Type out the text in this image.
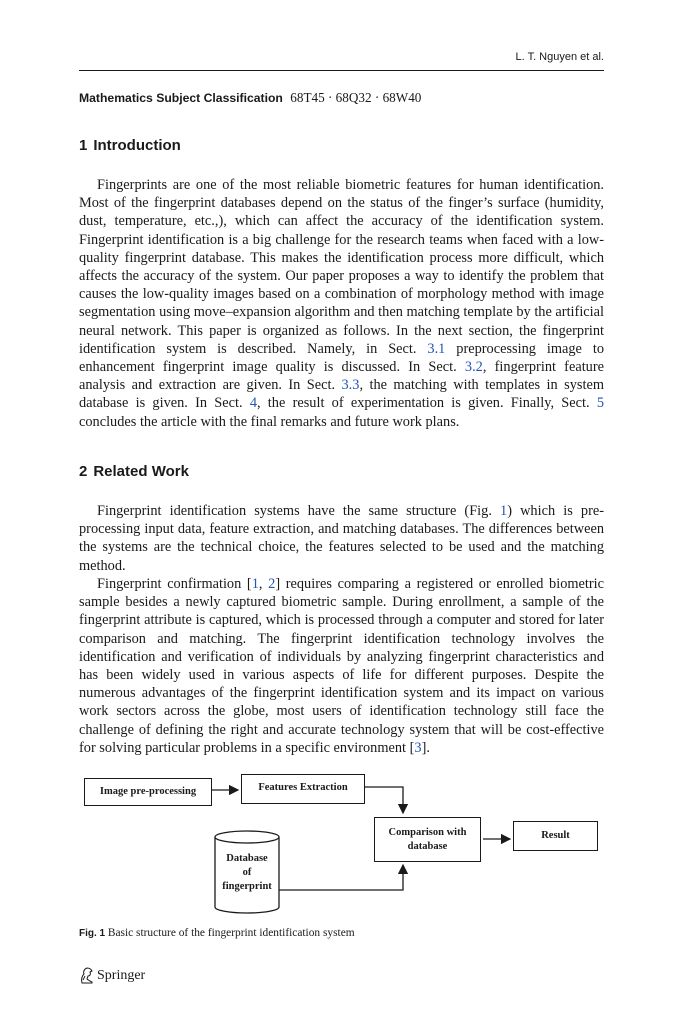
L. T. Nguyen et al.
Mathematics Subject Classification 68T45 · 68Q32 · 68W40
1 Introduction

Fingerprints are one of the most reliable biometric features for human identification. Most of the fingerprint databases depend on the status of the finger’s surface (humidity, dust, temperature, etc.,), which can affect the accuracy of the identification system. Fingerprint identification is a big challenge for the research teams when faced with a low-quality fingerprint database. This makes the identification process more difficult, which affects the accuracy of the system. Our paper proposes a way to identify the problem that causes the low-quality images based on a combination of morphology method with image segmentation using move–expansion algorithm and then matching template by the artificial neural network. This paper is organized as follows. In the next section, the fingerprint identification system is described. Namely, in Sect. 3.1 preprocessing image to enhancement fingerprint image quality is discussed. In Sect. 3.2, fingerprint feature analysis and extraction are given. In Sect. 3.3, the matching with templates in system database is given. In Sect. 4, the result of experimentation is given. Finally, Sect. 5 concludes the article with the final remarks and future work plans.

2 Related Work

Fingerprint identification systems have the same structure (Fig. 1) which is pre-processing input data, feature extraction, and matching databases. The differences between the systems are the technical choice, the features selected to be used and the matching method.

Fingerprint confirmation [1, 2] requires comparing a registered or enrolled biometric sample besides a newly captured biometric sample. During enrollment, a sample of the fingerprint attribute is captured, which is processed through a computer and stored for later comparison and matching. The fingerprint identification technology involves the identification and verification of individuals by analyzing fingerprint characteristics and has been widely used in various aspects of life for different purposes. Despite the numerous advantages of the fingerprint identification system and its impact on various work sectors across the globe, most users of identification technology still face the challenge of defining the right and accurate technology system that will be cost-effective for solving particular problems in a specific environment [3].

Image pre-processing	Features Extraction
Comparison with database
Result
Database
of
fingerprint
Fig. 1 Basic structure of the fingerprint identification system
Springer
